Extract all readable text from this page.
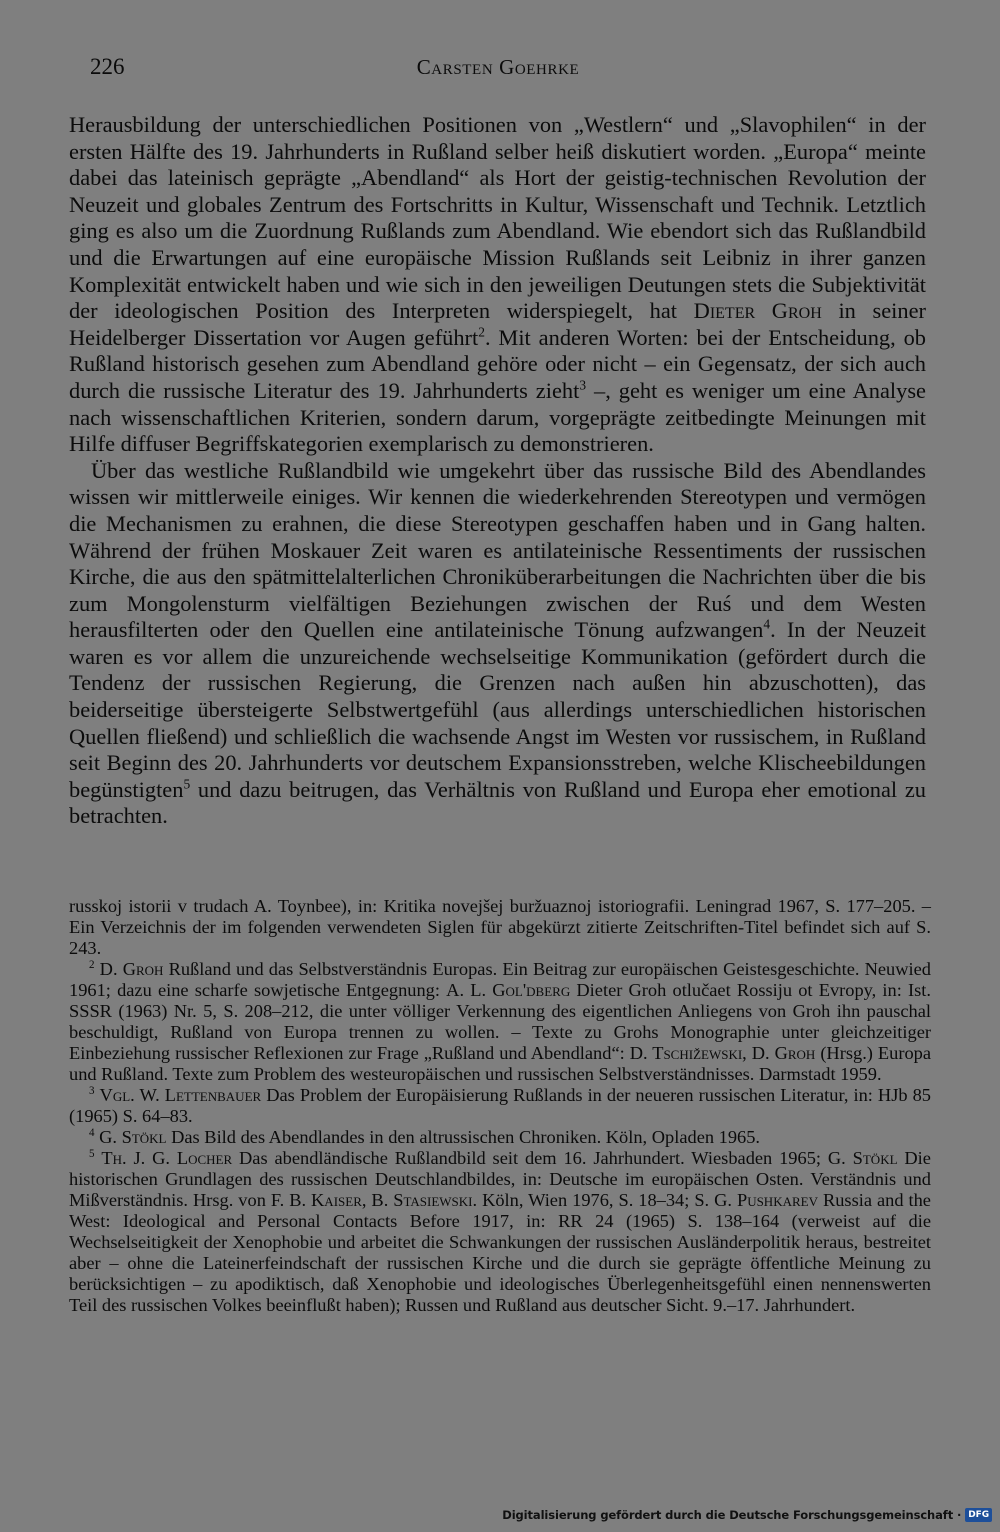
226	Carsten Goehrke

Herausbildung der unterschiedlichen Positionen von „Westlern“ und „Slavophilen“ in der ersten Hälfte des 19. Jahrhunderts in Rußland selber heiß diskutiert worden. „Europa“ meinte dabei das lateinisch geprägte „Abendland“ als Hort der geistig-technischen Revolution der Neuzeit und globales Zentrum des Fortschritts in Kultur, Wissenschaft und Technik. Letztlich ging es also um die Zuordnung Rußlands zum Abendland. Wie ebendort sich das Rußlandbild und die Erwartungen auf eine europäische Mission Rußlands seit Leibniz in ihrer ganzen Komplexität entwickelt haben und wie sich in den jeweiligen Deutungen stets die Subjektivität der ideologischen Position des Interpreten widerspiegelt, hat Dieter Groh in seiner Heidelberger Dissertation vor Augen geführt$^2$. Mit anderen Worten: bei der Entscheidung, ob Rußland historisch gesehen zum Abendland gehöre oder nicht – ein Gegensatz, der sich auch durch die russische Literatur des 19. Jahrhunderts zieht$^3$ –, geht es weniger um eine Analyse nach wissenschaftlichen Kriterien, sondern darum, vorgeprägte zeitbedingte Meinungen mit Hilfe diffuser Begriffskategorien exemplarisch zu demonstrieren.

Über das westliche Rußlandbild wie umgekehrt über das russische Bild des Abendlandes wissen wir mittlerweile einiges. Wir kennen die wiederkehrenden Stereotypen und vermögen die Mechanismen zu erahnen, die diese Stereotypen geschaffen haben und in Gang halten. Während der frühen Moskauer Zeit waren es antilateinische Ressentiments der russischen Kirche, die aus den spätmittelalterlichen Chroniküberarbeitungen die Nachrichten über die bis zum Mongolensturm vielfältigen Beziehungen zwischen der Ruś und dem Westen herausfilterten oder den Quellen eine antilateinische Tönung aufzwangen$^4$. In der Neuzeit waren es vor allem die unzureichende wechselseitige Kommunikation (gefördert durch die Tendenz der russischen Regierung, die Grenzen nach außen hin abzuschotten), das beiderseitige übersteigerte Selbstwertgefühl (aus allerdings unterschiedlichen historischen Quellen fließend) und schließlich die wachsende Angst im Westen vor russischem, in Rußland seit Beginn des 20. Jahrhunderts vor deutschem Expansionsstreben, welche Klischeebildungen begünstigten$^5$ und dazu beitrugen, das Verhältnis von Rußland und Europa eher emotional zu betrachten.

russkoj istorii v trudach A. Toynbee), in: Kritika novejšej buržuaznoj istoriografii. Leningrad 1967, S. 177–205. – Ein Verzeichnis der im folgenden verwendeten Siglen für abgekürzt zitierte Zeitschriften-Titel befindet sich auf S. 243.

$^2$ D. Groh Rußland und das Selbstverständnis Europas. Ein Beitrag zur europäischen Geistesgeschichte. Neuwied 1961; dazu eine scharfe sowjetische Entgegnung: A. L. Gol'dberg Dieter Groh otlučaet Rossiju ot Evropy, in: Ist. SSSR (1963) Nr. 5, S. 208–212, die unter völliger Verkennung des eigentlichen Anliegens von Groh ihn pauschal beschuldigt, Rußland von Europa trennen zu wollen. – Texte zu Grohs Monographie unter gleichzeitiger Einbeziehung russischer Reflexionen zur Frage „Rußland und Abendland“: D. Tschižewski, D. Groh (Hrsg.) Europa und Rußland. Texte zum Problem des westeuropäischen und russischen Selbstverständnisses. Darmstadt 1959.

$^3$ Vgl. W. Lettenbauer Das Problem der Europäisierung Rußlands in der neueren russischen Literatur, in: HJb 85 (1965) S. 64–83.

$^4$ G. Stökl Das Bild des Abendlandes in den altrussischen Chroniken. Köln, Opladen 1965.

$^5$ Th. J. G. Locher Das abendländische Rußlandbild seit dem 16. Jahrhundert. Wiesbaden 1965; G. Stökl Die historischen Grundlagen des russischen Deutschlandbildes, in: Deutsche im europäischen Osten. Verständnis und Mißverständnis. Hrsg. von F. B. Kaiser, B. Stasiewski. Köln, Wien 1976, S. 18–34; S. G. Pushkarev Russia and the West: Ideological and Personal Contacts Before 1917, in: RR 24 (1965) S. 138–164 (verweist auf die Wechselseitigkeit der Xenophobie und arbeitet die Schwankungen der russischen Ausländerpolitik heraus, bestreitet aber – ohne die Lateinerfeindschaft der russischen Kirche und die durch sie geprägte öffentliche Meinung zu berücksichtigen – zu apodiktisch, daß Xenophobie und ideologisches Überlegenheitsgefühl einen nennenswerten Teil des russischen Volkes beeinflußt haben); Russen und Rußland aus deutscher Sicht. 9.–17. Jahrhundert.

Digitalisierung gefördert durch die Deutsche Forschungsgemeinschaft · DFG
